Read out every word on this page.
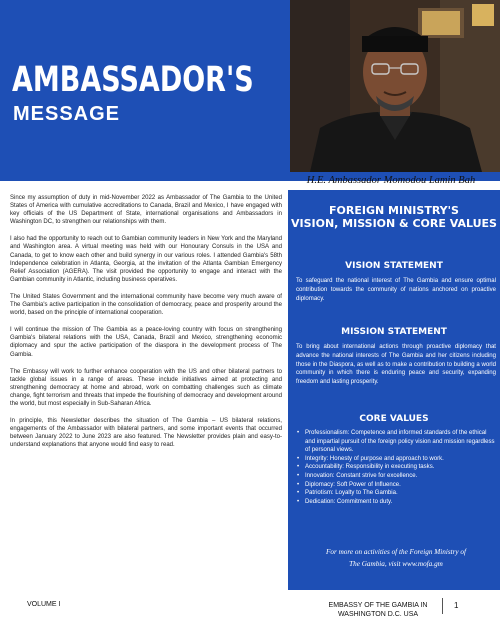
AMBASSADOR'S
MESSAGE
H.E. Ambassador Momodou Lamin Bah

Since my assumption of duty in mid-November 2022 as Ambassador of The Gambia to the United States of America with cumulative accreditations to Canada, Brazil and Mexico, I have engaged with key officials of the US Department of State, international organisations and Ambassadors in Washington DC, to strengthen our relationships with them.

I also had the opportunity to reach out to Gambian community leaders in New York and the Maryland and Washington area. A virtual meeting was held with our Honourary Consuls in the USA and Canada, to get to know each other and build synergy in our various roles. I attended Gambia's 58th Independence celebration in Atlanta, Georgia, at the invitation of the Atlanta Gambian Emergency Relief Association (AGERA). The visit provided the opportunity to engage and interact with the Gambian community in Atlantic, including business operatives.

The United States Government and the international community have become very much aware of The Gambia's active participation in the consolidation of democracy, peace and prosperity around the world, based on the principle of international cooperation.

I will continue the mission of The Gambia as a peace-loving country with focus on strengthening Gambia's bilateral relations with the USA, Canada, Brazil and Mexico, strengthening economic diplomacy and spur the active participation of the diaspora in the development process of The Gambia.

The Embassy will work to further enhance cooperation with the US and other bilateral partners to tackle global issues in a range of areas. These include initiatives aimed at protecting and strengthening democracy at home and abroad, work on combatting challenges such as climate change, fight terrorism and threats that impede the flourishing of democracy and development around the world, but most especially in Sub-Saharan Africa.

In principle, this Newsletter describes the situation of The Gambia – US bilateral relations, engagements of the Ambassador with bilateral partners, and some important events that occurred between January 2022 to June 2023 are also featured. The Newsletter provides plain and easy-to-understand explanations that anyone would find easy to read.

FOREIGN MINISTRY'S
VISION, MISSION & CORE VALUES
VISION STATEMENT

To safeguard the national interest of The Gambia and ensure optimal contribution towards the community of nations anchored on proactive diplomacy.

MISSION STATEMENT

To bring about international actions through proactive diplomacy that advance the national interests of The Gambia and her citizens including those in the Diaspora, as well as to make a contribution to building a world community in which there is enduring peace and security, expanding freedom and lasting prosperity.

CORE VALUES
• Professionalism: Competence and informed standards of the ethical and impartial pursuit of the foreign policy vision and mission regardless of personal views.
• Integrity: Honesty of purpose and approach to work.
• Accountability: Responsibility in executing tasks.
• Innovation: Constant strive for excellence.
• Diplomacy: Soft Power of Influence.
• Patriotism: Loyalty to The Gambia.
• Dedication: Commitment to duty.
For more on activities of the Foreign Ministry of
The Gambia, visit www.mofa.gm
VOLUME I	EMBASSY OF THE GAMBIA IN
WASHINGTON D.C. USA
1
